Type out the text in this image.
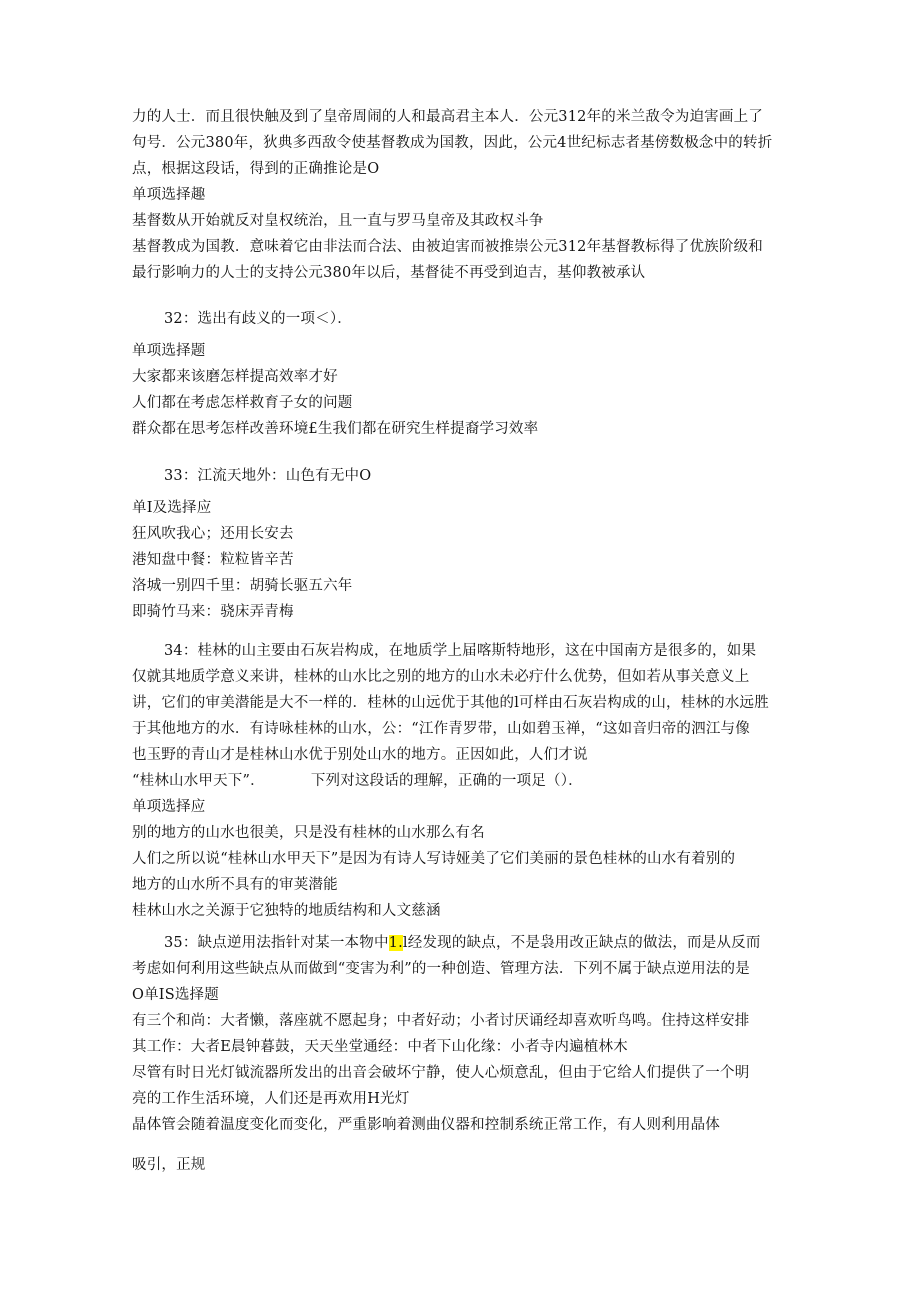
力的人士．而且很快触及到了皇帝周闹的人和最高君主本人．公元312年的米兰敌令为迫害画上了
句号．公元380年，狄典多西敌令使基督教成为国教，因此，公元4世纪标志者基傍数极念中的转折
点，根据这段话，得到的正确推论是O
单项选择趣
基督数从开始就反对皇权统治，且一直与罗马皇帝及其政权斗争
基督教成为国教．意味着它由非法而合法、由被迫害而被推崇公元312年基督教标得了优族阶级和
最行影响力的人士的支持公元380年以后，基督徒不再受到迫吉，基仰教被承认
32：选出有歧义的一项＜）．
单项选择题
大家都来该磨怎样提高效率才好
人们都在考虑怎样救育子女的问题
群众都在思考怎样改善环境£生我们都在研究生样提裔学习效率
33：江流天地外：山色有无中O
单I及选择应
狂风吹我心；还用长安去
港知盘中餐：粒粒皆辛苦
洛城一别四千里：胡骑长驱五六年
即骑竹马来：骁床弄青梅
34：桂林的山主要由石灰岩构成，在地质学上届喀斯特地形，这在中国南方是很多的，如果
仅就其地质学意义来讲，桂林的山水比之别的地方的山水未必疔什么优势，但如若从事关意义上
讲，它们的审美潜能是大不一样的．桂林的山远优于其他的l可样由石灰岩构成的山，桂林的水远胜
于其他地方的水．有诗咏桂林的山水，公：“江作青罗带，山如碧玉禅，“这如音归帝的泗江与像
也玉野的青山才是桂林山水优于别处山水的地方。正因如此，人们才说
“桂林山水甲天下”．	下列对这段话的理解，正确的一项足（）．
单项选择应
别的地方的山水也很美，只是没有桂林的山水那么有名
人们之所以说“桂林山水甲天下”是因为有诗人写诗娅美了它们美丽的景色桂林的山水有着别的
地方的山水所不具有的审荚潜能
桂林山水之关源于它独特的地质结构和人文慈涵
35：缺点逆用法指针对某一本物中1.l经发现的缺点，不是袅用改正缺点的做法，而是从反而
考虑如何利用这些缺点从而做到“变害为利”的一种创造、管理方法．下列不属于缺点逆用法的是
O单IS选择题
有三个和尚：大者懒，落座就不愿起身；中者好动；小者讨厌诵经却喜欢听鸟鸣。住持这样安排
其工作：大者E晨钟暮鼓，天天坐堂通经：中者下山化缘：小者寺内遍植林木
尽管有时日光灯钺流器所发出的出音会破坏宁静，使人心烦意乱，但由于它给人们提供了一个明
亮的工作生活环境，人们还是再欢用H光灯
晶体管会随着温度变化而变化，严重影响着测曲仪器和控制系统正常工作，有人则利用晶体
吸引，正规
